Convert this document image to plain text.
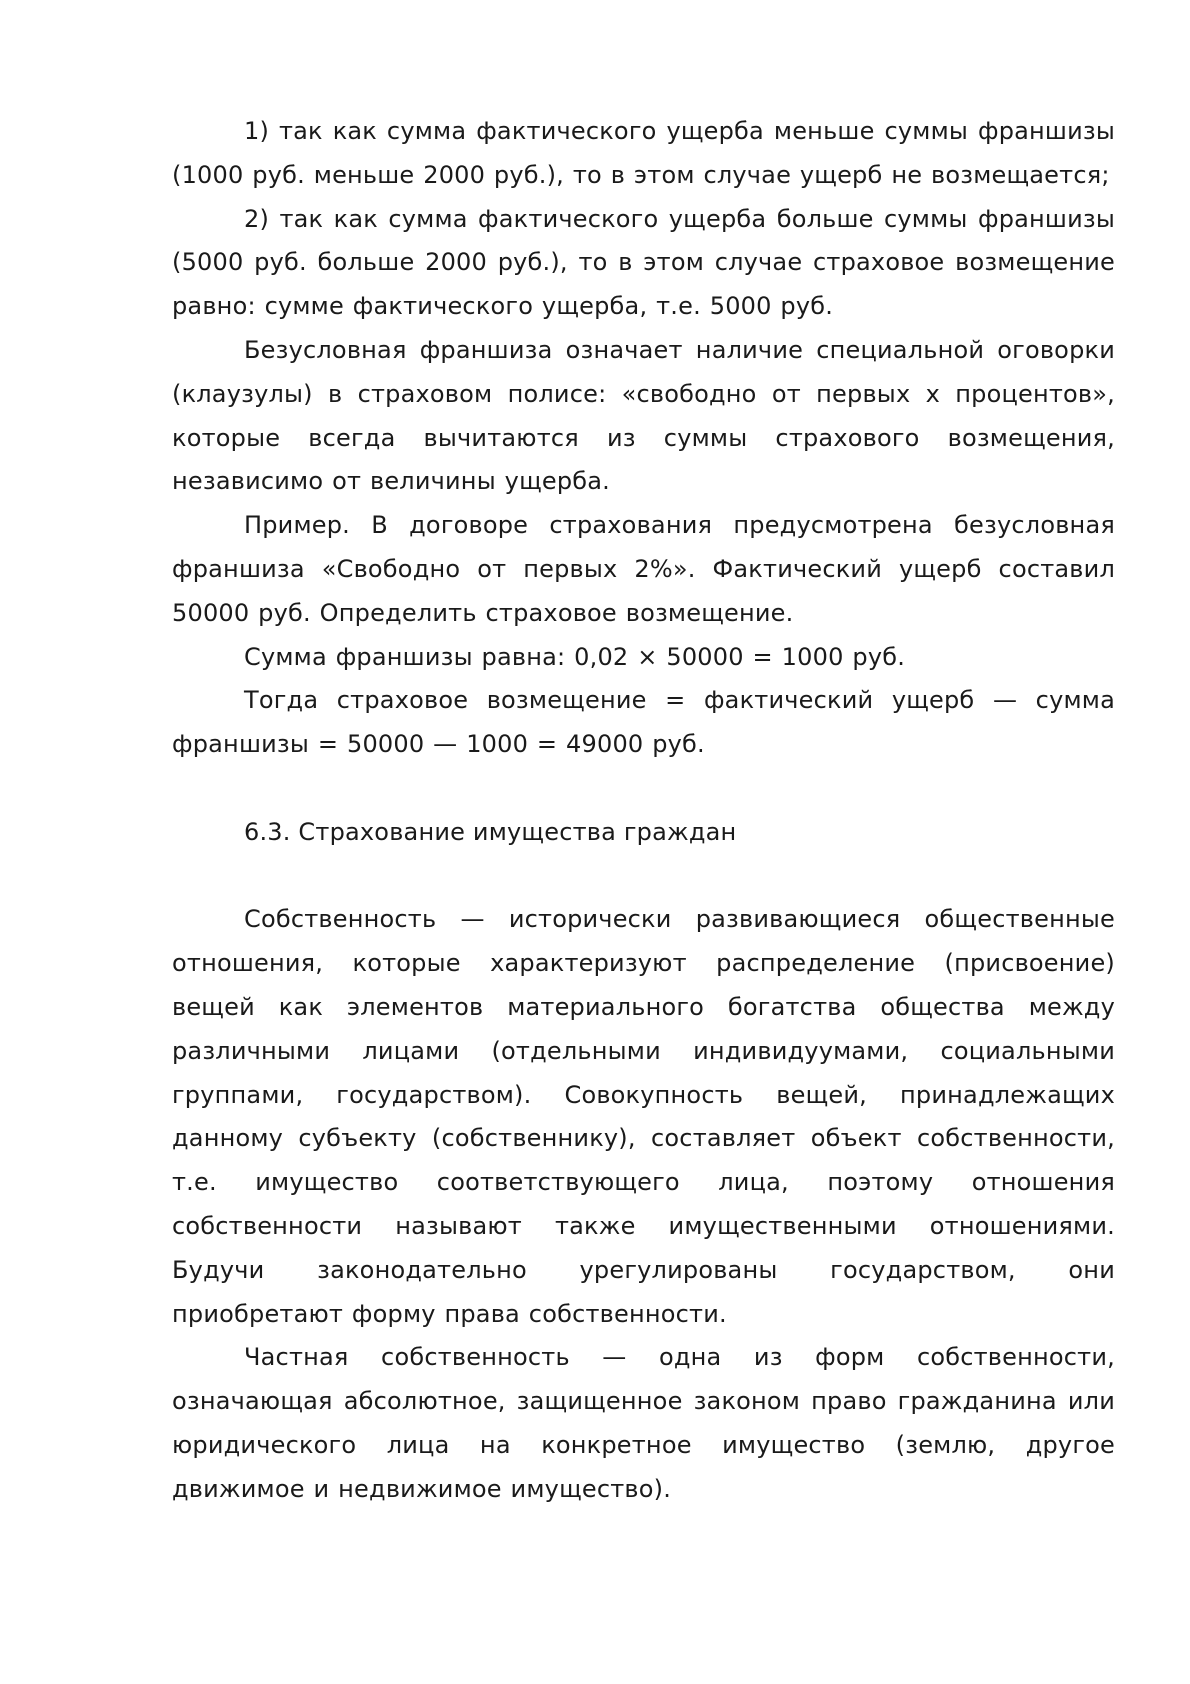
1) так как сумма фактического ущерба меньше суммы франшизы (1000 руб. меньше 2000 руб.), то в этом случае ущерб не возмещается;

2) так как сумма фактического ущерба больше суммы франшизы (5000 руб. больше 2000 руб.), то в этом случае страховое возмещение равно: сумме фактического ущерба, т.е. 5000 руб.

Безусловная франшиза означает наличие специальной оговорки (клаузулы) в страховом полисе: «свободно от первых х процентов», которые всегда вычитаются из суммы страхового возмещения, независимо от величины ущерба.

Пример. В договоре страхования предусмотрена безусловная франшиза «Свободно от первых 2%». Фактический ущерб составил 50000 руб. Определить страховое возмещение.

Сумма франшизы равна: 0,02 × 50000 = 1000 руб.

Тогда страховое возмещение = фактический ущерб — сумма франшизы = 50000 — 1000 = 49000 руб.

6.3. Страхование имущества граждан

Собственность — исторически развивающиеся общественные отношения, которые характеризуют распределение (присвоение) вещей как элементов материального богатства общества между различными лицами (отдельными индивидуумами, социальными группами, государством). Совокупность вещей, принадлежащих данному субъекту (собственнику), составляет объект собственности, т.е. имущество соответствующего лица, поэтому отношения собственности называют также имущественными отношениями. Будучи законодательно урегулированы государством, они приобретают форму права собственности.

Частная собственность — одна из форм собственности, означающая абсолютное, защищенное законом право гражданина или юридического лица на конкретное имущество (землю, другое движимое и недвижимое имущество).
